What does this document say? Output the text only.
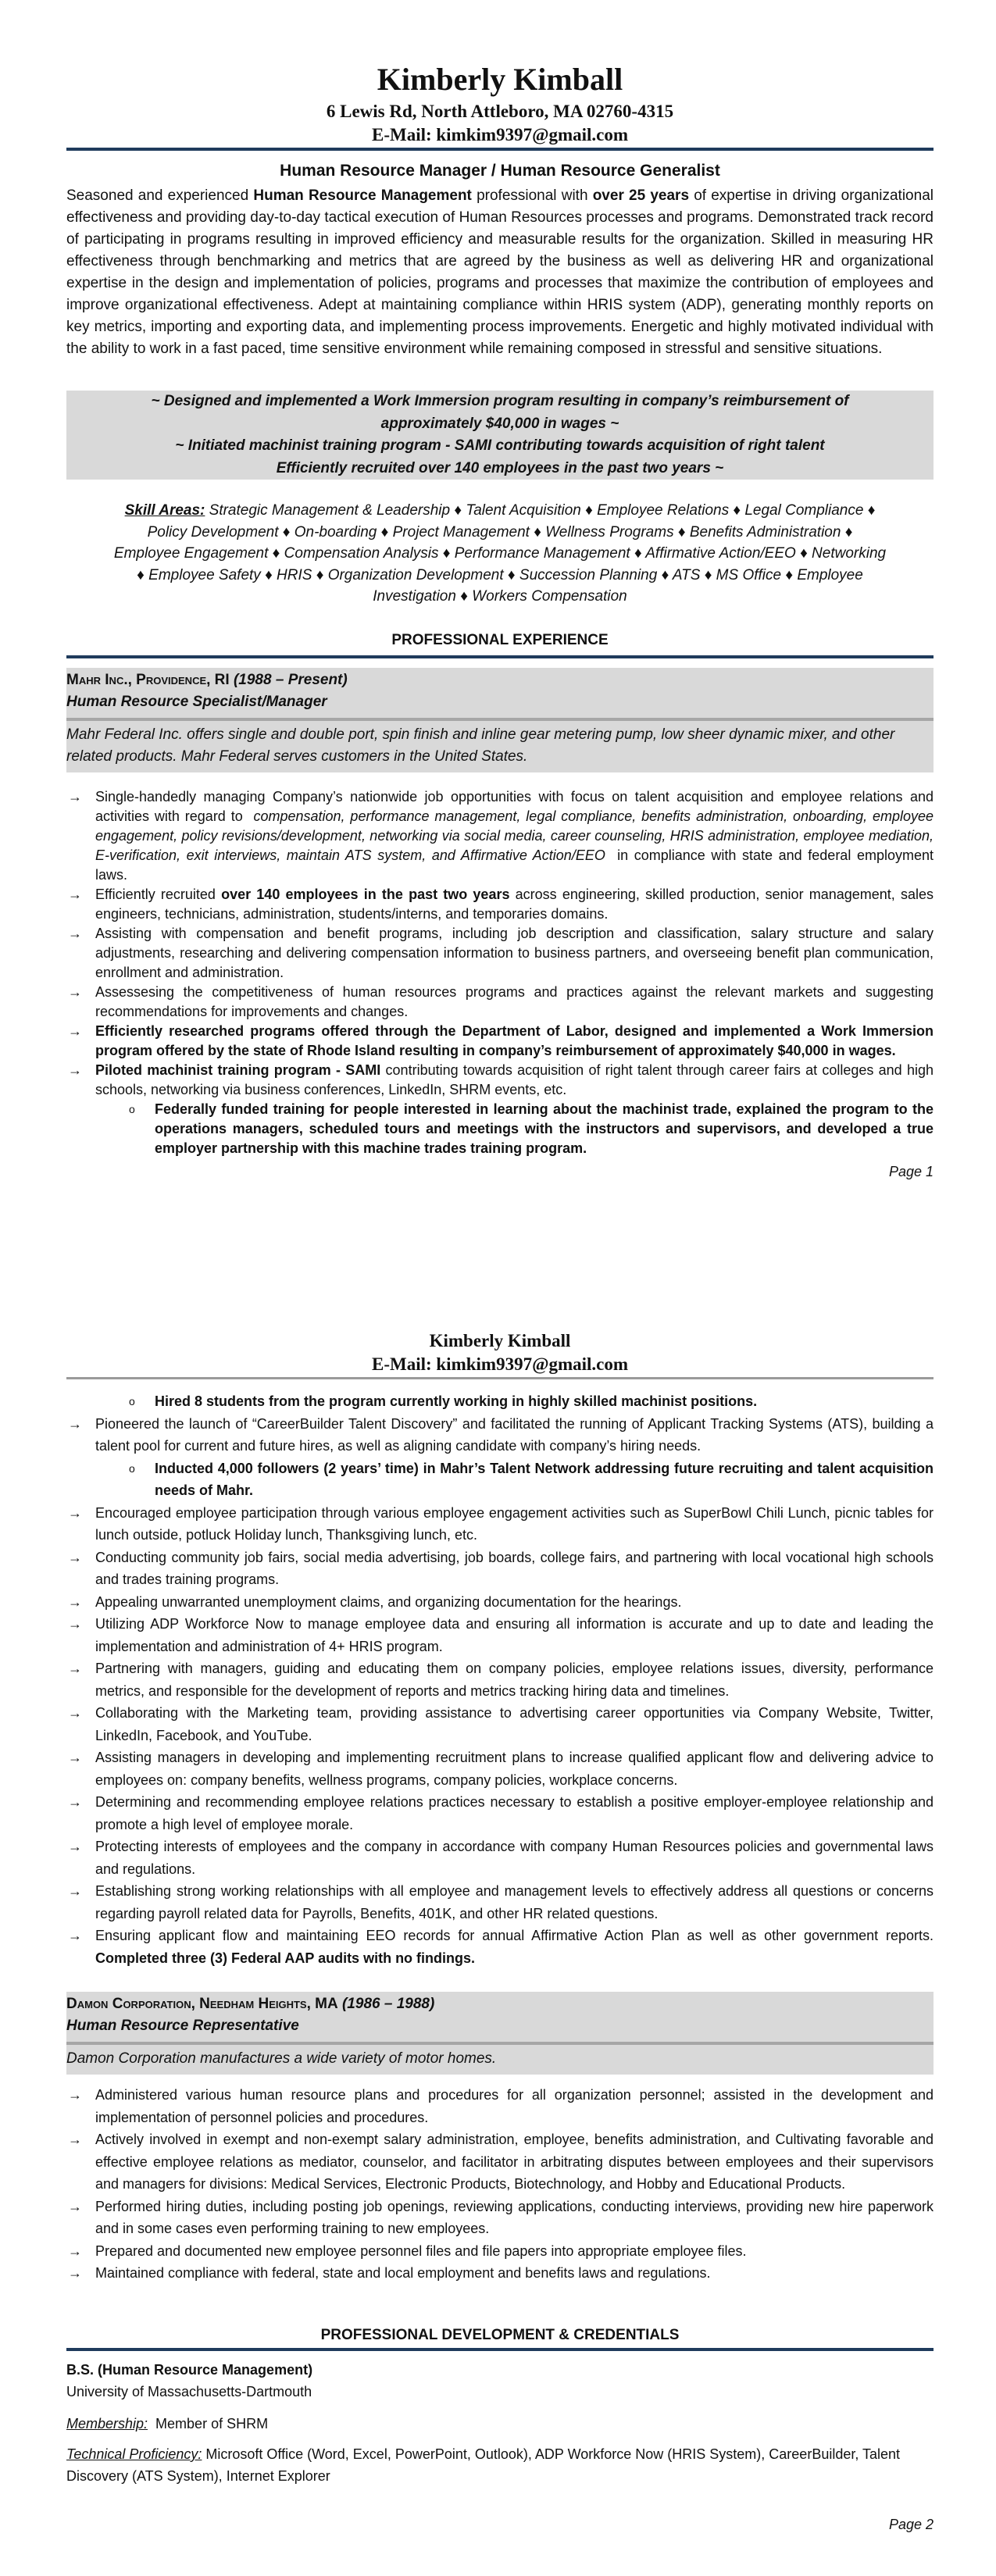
Kimberly Kimball
6 Lewis Rd, North Attleboro, MA 02760-4315
E-Mail: kimkim9397@gmail.com
Human Resource Manager / Human Resource Generalist
Seasoned and experienced Human Resource Management professional with over 25 years of expertise in driving organizational effectiveness and providing day-to-day tactical execution of Human Resources processes and programs. Demonstrated track record of participating in programs resulting in improved efficiency and measurable results for the organization. Skilled in measuring HR effectiveness through benchmarking and metrics that are agreed by the business as well as delivering HR and organizational expertise in the design and implementation of policies, programs and processes that maximize the contribution of employees and improve organizational effectiveness. Adept at maintaining compliance within HRIS system (ADP), generating monthly reports on key metrics, importing and exporting data, and implementing process improvements. Energetic and highly motivated individual with the ability to work in a fast paced, time sensitive environment while remaining composed in stressful and sensitive situations.
~ Designed and implemented a Work Immersion program resulting in company’s reimbursement of approximately $40,000 in wages ~
~ Initiated machinist training program - SAMI contributing towards acquisition of right talent
Efficiently recruited over 140 employees in the past two years ~
Skill Areas: Strategic Management & Leadership ♦ Talent Acquisition ♦ Employee Relations ♦ Legal Compliance ♦ Policy Development ♦ On-boarding ♦ Project Management ♦ Wellness Programs ♦ Benefits Administration ♦ Employee Engagement ♦ Compensation Analysis ♦ Performance Management ♦ Affirmative Action/EEO ♦ Networking ♦ Employee Safety ♦ HRIS ♦ Organization Development ♦ Succession Planning ♦ ATS ♦ MS Office ♦ Employee Investigation ♦ Workers Compensation
PROFESSIONAL EXPERIENCE
Mahr Inc., Providence, RI (1988 – Present)
Human Resource Specialist/Manager
Mahr Federal Inc. offers single and double port, spin finish and inline gear metering pump, low sheer dynamic mixer, and other related products. Mahr Federal serves customers in the United States.
→ Single-handedly managing Company’s nationwide job opportunities with focus on talent acquisition and employee relations and activities with regard to  compensation, performance management, legal compliance, benefits administration, onboarding, employee engagement, policy revisions/development, networking via social media, career counseling, HRIS administration, employee mediation, E-verification, exit interviews, maintain ATS system, and Affirmative Action/EEO  in compliance with state and federal employment laws.
→ Efficiently recruited over 140 employees in the past two years across engineering, skilled production, senior management, sales engineers, technicians, administration, students/interns, and temporaries domains.
→ Assisting with compensation and benefit programs, including job description and classification, salary structure and salary adjustments, researching and delivering compensation information to business partners, and overseeing benefit plan communication, enrollment and administration.
→ Assessesing the competitiveness of human resources programs and practices against the relevant markets and suggesting recommendations for improvements and changes.
→ Efficiently researched programs offered through the Department of Labor, designed and implemented a Work Immersion program offered by the state of Rhode Island resulting in company’s reimbursement of approximately $40,000 in wages.
→ Piloted machinist training program - SAMI contributing towards acquisition of right talent through career fairs at colleges and high schools, networking via business conferences, LinkedIn, SHRM events, etc.
o Federally funded training for people interested in learning about the machinist trade, explained the program to the operations managers, scheduled tours and meetings with the instructors and supervisors, and developed a true employer partnership with this machine trades training program.
Page 1
Kimberly Kimball
E-Mail: kimkim9397@gmail.com
o Hired 8 students from the program currently working in highly skilled machinist positions.
→ Pioneered the launch of “CareerBuilder Talent Discovery” and facilitated the running of Applicant Tracking Systems (ATS), building a talent pool for current and future hires, as well as aligning candidate with company’s hiring needs.
o Inducted 4,000 followers (2 years’ time) in Mahr’s Talent Network addressing future recruiting and talent acquisition needs of Mahr.
→ Encouraged employee participation through various employee engagement activities such as SuperBowl Chili Lunch, picnic tables for lunch outside, potluck Holiday lunch, Thanksgiving lunch, etc.
→ Conducting community job fairs, social media advertising, job boards, college fairs, and partnering with local vocational high schools and trades training programs.
→ Appealing unwarranted unemployment claims, and organizing documentation for the hearings.
→ Utilizing ADP Workforce Now to manage employee data and ensuring all information is accurate and up to date and leading the implementation and administration of 4+ HRIS program.
→ Partnering with managers, guiding and educating them on company policies, employee relations issues, diversity, performance metrics, and responsible for the development of reports and metrics tracking hiring data and timelines.
→ Collaborating with the Marketing team, providing assistance to advertising career opportunities via Company Website, Twitter, LinkedIn, Facebook, and YouTube.
→ Assisting managers in developing and implementing recruitment plans to increase qualified applicant flow and delivering advice to employees on: company benefits, wellness programs, company policies, workplace concerns.
→ Determining and recommending employee relations practices necessary to establish a positive employer-employee relationship and promote a high level of employee morale.
→ Protecting interests of employees and the company in accordance with company Human Resources policies and governmental laws and regulations.
→ Establishing strong working relationships with all employee and management levels to effectively address all questions or concerns regarding payroll related data for Payrolls, Benefits, 401K, and other HR related questions.
→ Ensuring applicant flow and maintaining EEO records for annual Affirmative Action Plan as well as other government reports. Completed three (3) Federal AAP audits with no findings.
Damon Corporation, Needham Heights, MA (1986 – 1988)
Human Resource Representative
Damon Corporation manufactures a wide variety of motor homes.
→ Administered various human resource plans and procedures for all organization personnel; assisted in the development and implementation of personnel policies and procedures.
→ Actively involved in exempt and non-exempt salary administration, employee, benefits administration, and Cultivating favorable and effective employee relations as mediator, counselor, and facilitator in arbitrating disputes between employees and their supervisors and managers for divisions: Medical Services, Electronic Products, Biotechnology, and Hobby and Educational Products.
→ Performed hiring duties, including posting job openings, reviewing applications, conducting interviews, providing new hire paperwork and in some cases even performing training to new employees.
→ Prepared and documented new employee personnel files and file papers into appropriate employee files.
→ Maintained compliance with federal, state and local employment and benefits laws and regulations.
PROFESSIONAL DEVELOPMENT & CREDENTIALS
B.S. (Human Resource Management)
University of Massachusetts-Dartmouth
Membership:  Member of SHRM
Technical Proficiency: Microsoft Office (Word, Excel, PowerPoint, Outlook), ADP Workforce Now (HRIS System), CareerBuilder, Talent Discovery (ATS System), Internet Explorer
Page 2
